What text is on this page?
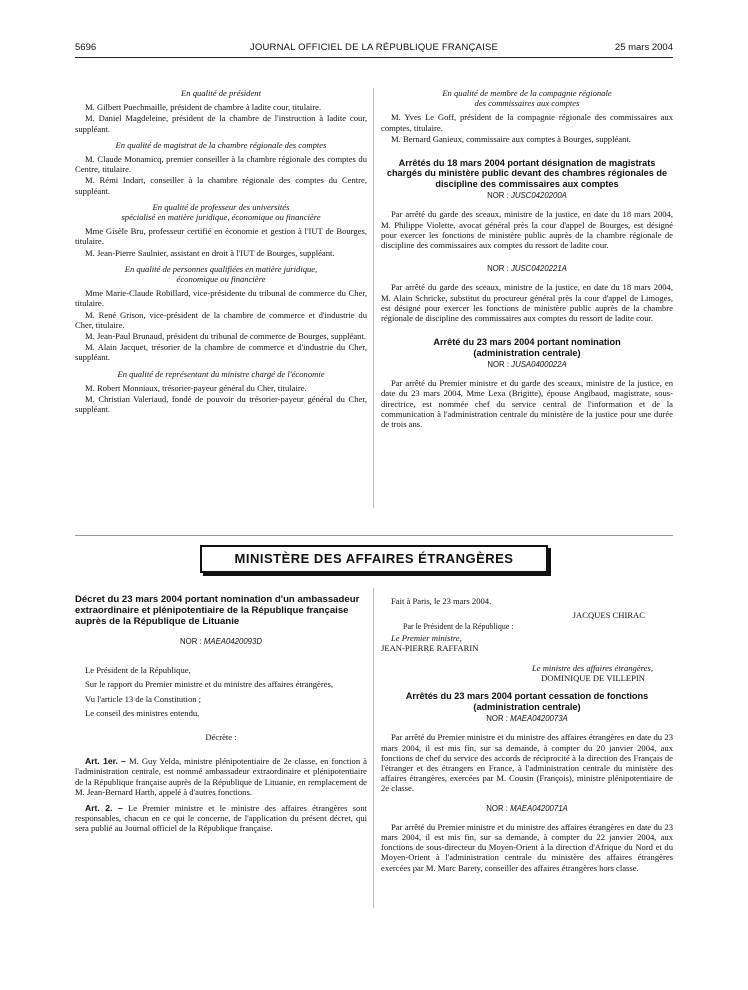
5696	JOURNAL OFFICIEL DE LA RÉPUBLIQUE FRANÇAISE	25 mars 2004
En qualité de président

M. Gilbert Puechmaille, président de chambre à ladite cour, titulaire.

M. Daniel Magdeleine, président de la chambre de l'instruction à ladite cour, suppléant.

En qualité de magistrat de la chambre régionale des comptes

M. Claude Monamicq, premier conseiller à la chambre régionale des comptes du Centre, titulaire.

M. Rémi Indart, conseiller à la chambre régionale des comptes du Centre, suppléant.

En qualité de professeur des universités
spécialisé en matière juridique, économique ou financière

Mme Gisèle Bru, professeur certifié en économie et gestion à l'IUT de Bourges, titulaire.

M. Jean-Pierre Saulnier, assistant en droit à l'IUT de Bourges, suppléant.

En qualité de personnes qualifiées en matière juridique,
économique ou financière

Mme Marie-Claude Robillard, vice-présidente du tribunal de commerce du Cher, titulaire.

M. René Grison, vice-président de la chambre de commerce et d'industrie du Cher, titulaire.

M. Jean-Paul Brunaud, président du tribunal de commerce de Bourges, suppléant.

M. Alain Jacquet, trésorier de la chambre de commerce et d'industrie du Cher, suppléant.

En qualité de représentant du ministre chargé de l'économie

M. Robert Monniaux, trésorier-payeur général du Cher, titulaire.

M. Christian Valeriaud, fondé de pouvoir du trésorier-payeur général du Cher, suppléant.

En qualité de membre de la compagnie régionale
des commissaires aux comptes

M. Yves Le Goff, président de la compagnie régionale des commissaires aux comptes, titulaire.

M. Bernard Ganieux, commissaire aux comptes à Bourges, suppléant.

Arrêtés du 18 mars 2004 portant désignation de magistrats chargés du ministère public devant des chambres régionales de discipline des commissaires aux comptes
NOR : JUSC0420200A

Par arrêté du garde des sceaux, ministre de la justice, en date du 18 mars 2004, M. Philippe Violette, avocat général près la cour d'appel de Bourges, est désigné pour exercer les fonctions de ministère public auprès de la chambre régionale de discipline des commissaires aux comptes du ressort de ladite cour.

NOR : JUSC0420221A

Par arrêté du garde des sceaux, ministre de la justice, en date du 18 mars 2004, M. Alain Schricke, substitut du procureur général près la cour d'appel de Limoges, est désigné pour exercer les fonctions de ministère public auprès de la chambre régionale de discipline des commissaires aux comptes du ressort de ladite cour.

Arrêté du 23 mars 2004 portant nomination
(administration centrale)
NOR : JUSA0400022A

Par arrêté du Premier ministre et du garde des sceaux, ministre de la justice, en date du 23 mars 2004, Mme Lexa (Brigitte), épouse Angibaud, magistrate, sous-directrice, est nommée chef du service central de l'information et de la communication à l'administration centrale du ministère de la justice pour une durée de trois ans.

MINISTÈRE DES AFFAIRES ÉTRANGÈRES
Décret du 23 mars 2004 portant nomination d'un ambassadeur extraordinaire et plénipotentiaire de la République française auprès de la République de Lituanie
NOR : MAEA0420093D

Le Président de la République,

Sur le rapport du Premier ministre et du ministre des affaires étrangères,

Vu l'article 13 de la Constitution ;

Le conseil des ministres entendu,

Décrète :

Art. 1er. – M. Guy Yelda, ministre plénipotentiaire de 2e classe, en fonction à l'administration centrale, est nommé ambassadeur extraordinaire et plénipotentiaire de la République française auprès de la République de Lituanie, en remplacement de M. Jean-Bernard Harth, appelé à d'autres fonctions.

Art. 2. – Le Premier ministre et le ministre des affaires étrangères sont responsables, chacun en ce qui le concerne, de l'application du présent décret, qui sera publié au Journal officiel de la République française.

Fait à Paris, le 23 mars 2004.

JACQUES CHIRAC
Par le Président de la République :
Le Premier ministre,
JEAN-PIERRE RAFFARIN
Le ministre des affaires étrangères,
DOMINIQUE DE VILLEPIN
Arrêtés du 23 mars 2004 portant cessation de fonctions
(administration centrale)
NOR : MAEA0420073A

Par arrêté du Premier ministre et du ministre des affaires étrangères en date du 23 mars 2004, il est mis fin, sur sa demande, à compter du 20 janvier 2004, aux fonctions de chef du service des accords de réciprocité à la direction des Français de l'étranger et des étrangers en France, à l'administration centrale du ministère des affaires étrangères, exercées par M. Cousin (François), ministre plénipotentiaire de 2e classe.

NOR : MAEA0420071A

Par arrêté du Premier ministre et du ministre des affaires étrangères en date du 23 mars 2004, il est mis fin, sur sa demande, à compter du 22 janvier 2004, aux fonctions de sous-directeur du Moyen-Orient à la direction d'Afrique du Nord et du Moyen-Orient à l'administration centrale du ministère des affaires étrangères exercées par M. Marc Barety, conseiller des affaires étrangères hors classe.
